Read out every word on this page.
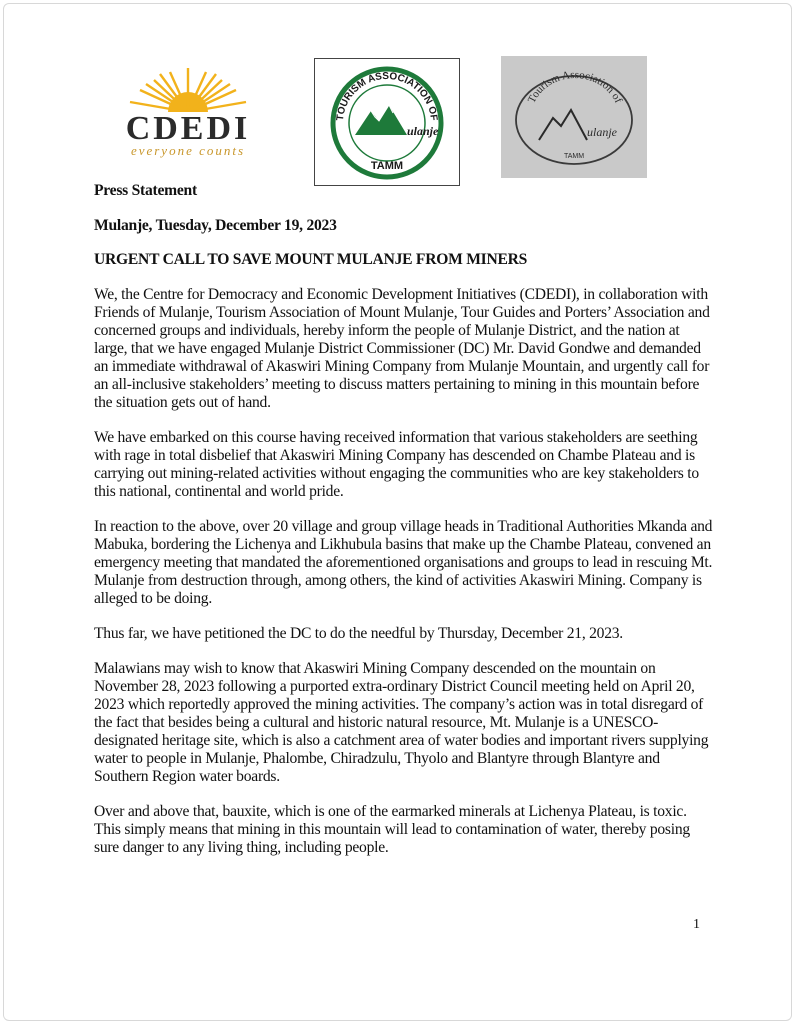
CDEDI
everyone counts
TOURISM ASSOCIATION OF
ulanje
TAMM
Tourism Association of
ulanje
TAMM

Press Statement

Mulanje, Tuesday, December 19, 2023

URGENT CALL TO SAVE MOUNT MULANJE FROM MINERS

We, the Centre for Democracy and Economic Development Initiatives (CDEDI), in collaboration with Friends of Mulanje, Tourism Association of Mount Mulanje, Tour Guides and Porters’ Association and concerned groups and individuals, hereby inform the people of Mulanje District, and the nation at large, that we have engaged Mulanje District Commissioner (DC) Mr. David Gondwe and demanded an immediate withdrawal of Akaswiri Mining Company from Mulanje Mountain, and urgently call for an all-inclusive stakeholders’ meeting to discuss matters pertaining to mining in this mountain before the situation gets out of hand.

We have embarked on this course having received information that various stakeholders are seething with rage in total disbelief that Akaswiri Mining Company has descended on Chambe Plateau and is carrying out mining-related activities without engaging the communities who are key stakeholders to this national, continental and world pride.

In reaction to the above, over 20 village and group village heads in Traditional Authorities Mkanda and Mabuka, bordering the Lichenya and Likhubula basins that make up the Chambe Plateau, convened an emergency meeting that mandated the aforementioned organisations and groups to lead in rescuing Mt. Mulanje from destruction through, among others, the kind of activities Akaswiri Mining. Company is alleged to be doing.

Thus far, we have petitioned the DC to do the needful by Thursday, December 21, 2023.

Malawians may wish to know that Akaswiri Mining Company descended on the mountain on November 28, 2023 following a purported extra-ordinary District Council meeting held on April 20, 2023 which reportedly approved the mining activities. The company’s action was in total disregard of the fact that besides being a cultural and historic natural resource, Mt. Mulanje is a UNESCO-designated heritage site, which is also a catchment area of water bodies and important rivers supplying water to people in Mulanje, Phalombe, Chiradzulu, Thyolo and Blantyre through Blantyre and Southern Region water boards.

Over and above that, bauxite, which is one of the earmarked minerals at Lichenya Plateau, is toxic. This simply means that mining in this mountain will lead to contamination of water, thereby posing sure danger to any living thing, including people.

1
